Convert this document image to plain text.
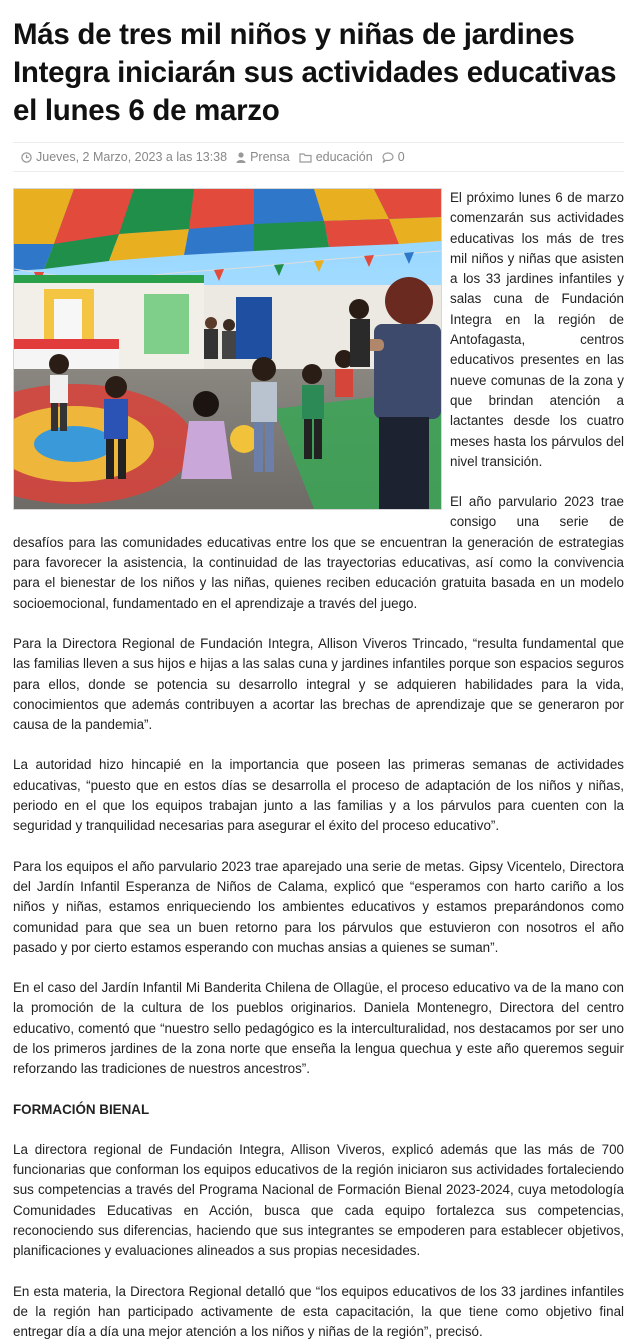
Más de tres mil niños y niñas de jardines Integra iniciarán sus actividades educativas el lunes 6 de marzo
Jueves, 2 Marzo, 2023 a las 13:38 Prensa educación 0

El próximo lunes 6 de marzo comenzarán sus actividades educativas los más de tres mil niños y niñas que asisten a los 33 jardines infantiles y salas cuna de Fundación Integra en la región de Antofagasta, centros educativos presentes en las nueve comunas de la zona y que brindan atención a lactantes desde los cuatro meses hasta los párvulos del nivel transición.

El año parvulario 2023 trae consigo una serie de desafíos para las comunidades educativas entre los que se encuentran la generación de estrategias para favorecer la asistencia, la continuidad de las trayectorias educativas, así como la convivencia para el bienestar de los niños y las niñas, quienes reciben educación gratuita basada en un modelo socioemocional, fundamentado en el aprendizaje a través del juego.

Para la Directora Regional de Fundación Integra, Allison Viveros Trincado, “resulta fundamental que las familias lleven a sus hijos e hijas a las salas cuna y jardines infantiles porque son espacios seguros para ellos, donde se potencia su desarrollo integral y se adquieren habilidades para la vida, conocimientos que además contribuyen a acortar las brechas de aprendizaje que se generaron por causa de la pandemia”.

La autoridad hizo hincapié en la importancia que poseen las primeras semanas de actividades educativas, “puesto que en estos días se desarrolla el proceso de adaptación de los niños y niñas, periodo en el que los equipos trabajan junto a las familias y a los párvulos para cuenten con la seguridad y tranquilidad necesarias para asegurar el éxito del proceso educativo”.

Para los equipos el año parvulario 2023 trae aparejado una serie de metas. Gipsy Vicentelo, Directora del Jardín Infantil Esperanza de Niños de Calama, explicó que “esperamos con harto cariño a los niños y niñas, estamos enriqueciendo los ambientes educativos y estamos preparándonos como comunidad para que sea un buen retorno para los párvulos que estuvieron con nosotros el año pasado y por cierto estamos esperando con muchas ansias a quienes se suman”.

En el caso del Jardín Infantil Mi Banderita Chilena de Ollagüe, el proceso educativo va de la mano con la promoción de la cultura de los pueblos originarios. Daniela Montenegro, Directora del centro educativo, comentó que “nuestro sello pedagógico es la interculturalidad, nos destacamos por ser uno de los primeros jardines de la zona norte que enseña la lengua quechua y este año queremos seguir reforzando las tradiciones de nuestros ancestros”.

FORMACIÓN BIENAL

La directora regional de Fundación Integra, Allison Viveros, explicó además que las más de 700 funcionarias que conforman los equipos educativos de la región iniciaron sus actividades fortaleciendo sus competencias a través del Programa Nacional de Formación Bienal 2023-2024, cuya metodología Comunidades Educativas en Acción, busca que cada equipo fortalezca sus competencias, reconociendo sus diferencias, haciendo que sus integrantes se empoderen para establecer objetivos, planificaciones y evaluaciones alineados a sus propias necesidades.

En esta materia, la Directora Regional detalló que “los equipos educativos de los 33 jardines infantiles de la región han participado activamente de esta capacitación, la que tiene como objetivo final entregar día a día una mejor atención a los niños y niñas de la región”, precisó.
